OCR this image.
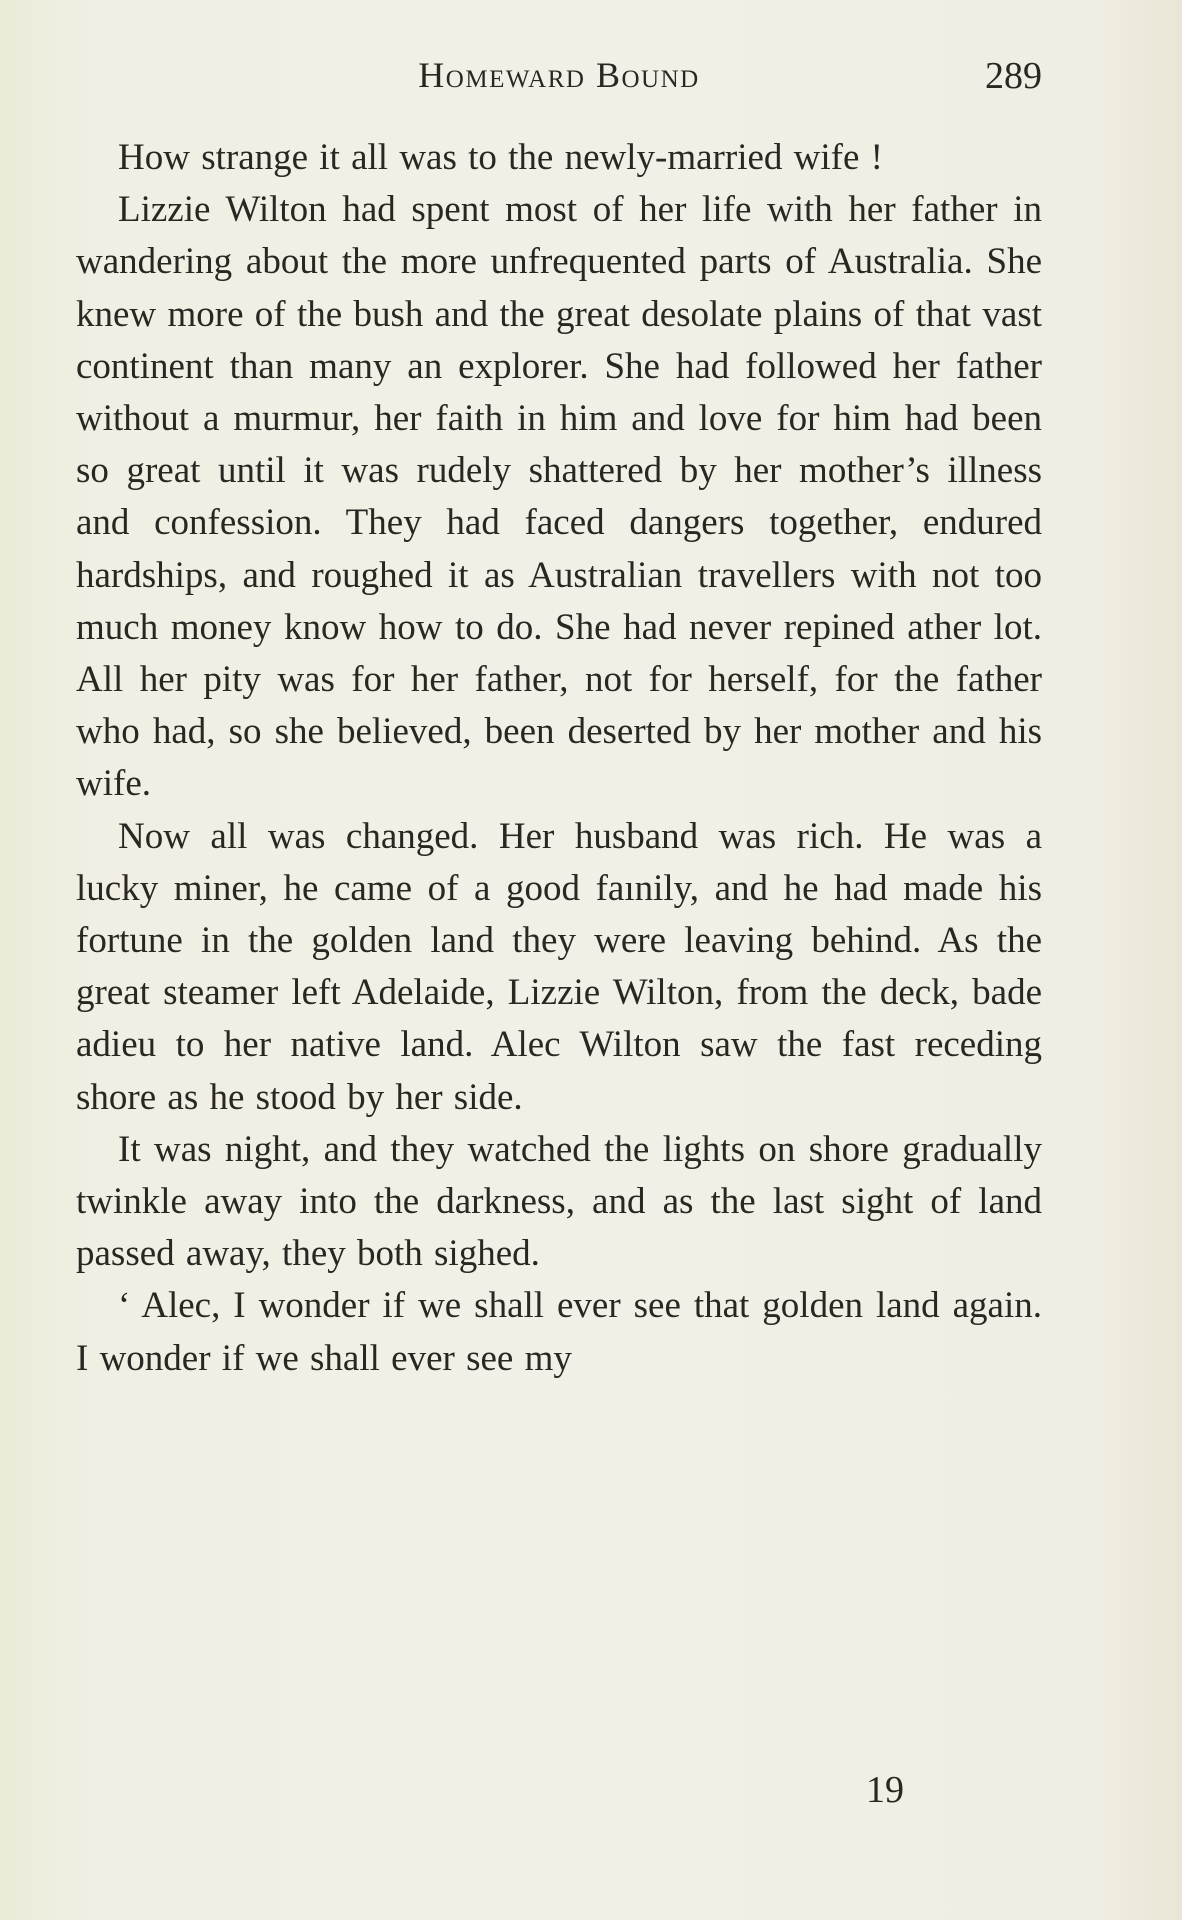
Homeward Bound	289

How strange it all was to the newly-married wife !

Lizzie Wilton had spent most of her life with her father in wandering about the more unfrequented parts of Australia. She knew more of the bush and the great desolate plains of that vast continent than many an explorer. She had followed her father without a murmur, her faith in him and love for him had been so great until it was rudely shattered by her mother’s illness and confession. They had faced dangers together, endured hardships, and roughed it as Australian travellers with not too much money know how to do. She had never repined ather lot. All her pity was for her father, not for herself, for the father who had, so she believed, been deserted by her mother and his wife.

Now all was changed. Her husband was rich. He was a lucky miner, he came of a good faınily, and he had made his fortune in the golden land they were leaving behind. As the great steamer left Adelaide, Lizzie Wilton, from the deck, bade adieu to her native land. Alec Wilton saw the fast receding shore as he stood by her side.

It was night, and they watched the lights on shore gradually twinkle away into the darkness, and as the last sight of land passed away, they both sighed.

‘ Alec, I wonder if we shall ever see that golden land again. I wonder if we shall ever see my

19
